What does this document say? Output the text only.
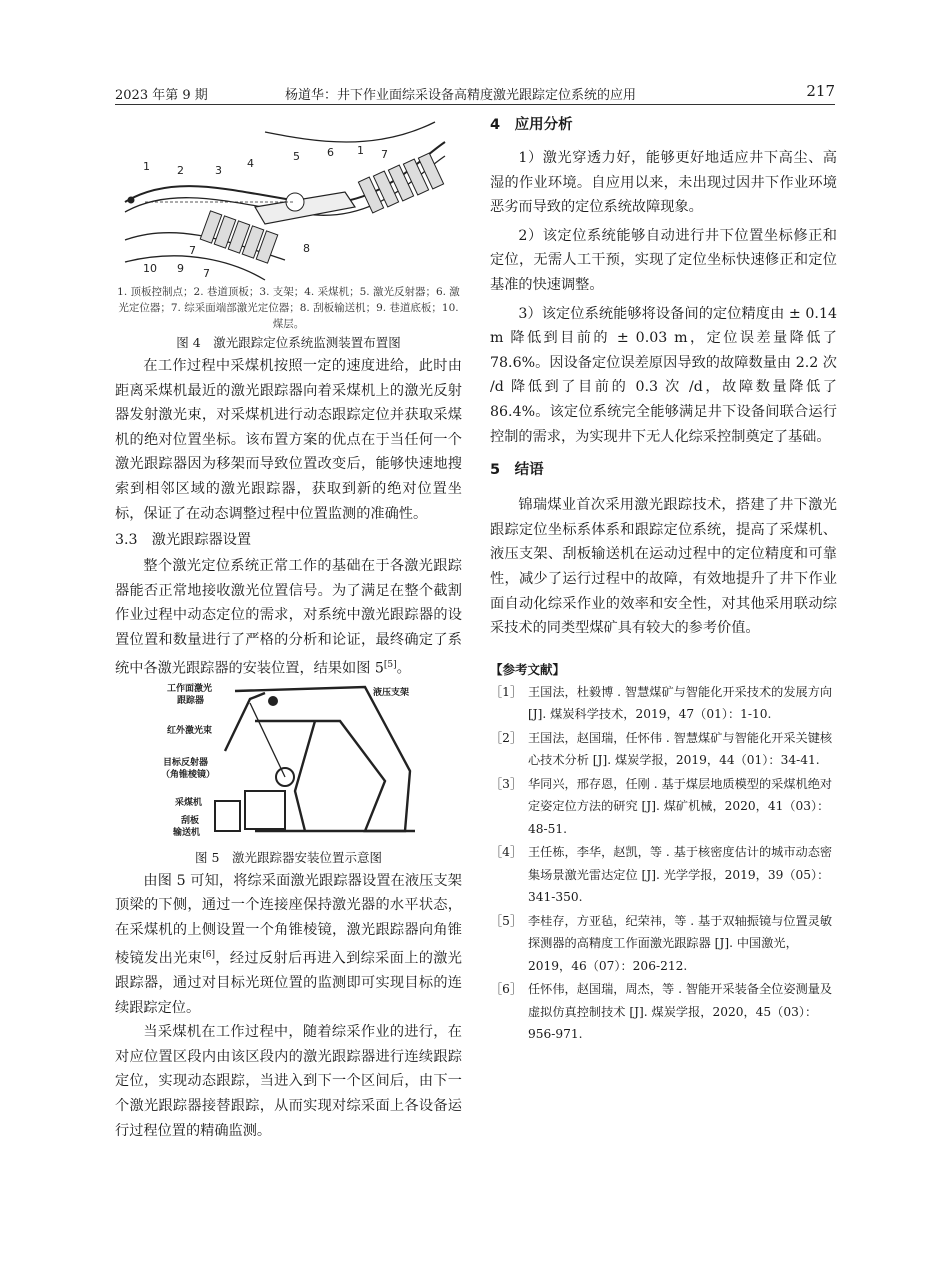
2023 年第 9 期	杨道华：井下作业面综采设备高精度激光跟踪定位系统的应用	217
1 2	3
4
5 6
7	8
9
10
1 7
7
1. 顶板控制点；2. 巷道顶板；3. 支架；4. 采煤机；5. 激光反射器；6. 激光定位器；7. 综采面端部激光定位器；8. 刮板输送机；9. 巷道底板；10. 煤层。
图 4　激光跟踪定位系统监测装置布置图

在工作过程中采煤机按照一定的速度进给，此时由距离采煤机最近的激光跟踪器向着采煤机上的激光反射器发射激光束，对采煤机进行动态跟踪定位并获取采煤机的绝对位置坐标。该布置方案的优点在于当任何一个激光跟踪器因为移架而导致位置改变后，能够快速地搜索到相邻区域的激光跟踪器，获取到新的绝对位置坐标，保证了在动态调整过程中位置监测的准确性。

3.3　激光跟踪器设置

整个激光定位系统正常工作的基础在于各激光跟踪器能否正常地接收激光位置信号。为了满足在整个截割作业过程中动态定位的需求，对系统中激光跟踪器的设置位置和数量进行了严格的分析和论证，最终确定了系统中各激光跟踪器的安装位置，结果如图 5[5]。

工作面激光
跟踪器
红外激光束
目标反射器
（角锥棱镜）
采煤机
刮板
输送机
液压支架
图 5　激光跟踪器安装位置示意图

由图 5 可知，将综采面激光跟踪器设置在液压支架顶梁的下侧，通过一个连接座保持激光器的水平状态，在采煤机的上侧设置一个角锥棱镜，激光跟踪器向角锥棱镜发出光束[6]，经过反射后再进入到综采面上的激光跟踪器，通过对目标光斑位置的监测即可实现目标的连续跟踪定位。

当采煤机在工作过程中，随着综采作业的进行，在对应位置区段内由该区段内的激光跟踪器进行连续跟踪定位，实现动态跟踪，当进入到下一个区间后，由下一个激光跟踪器接替跟踪，从而实现对综采面上各设备运行过程位置的精确监测。

4　应用分析

1）激光穿透力好，能够更好地适应井下高尘、高湿的作业环境。自应用以来，未出现过因井下作业环境恶劣而导致的定位系统故障现象。

2）该定位系统能够自动进行井下位置坐标修正和定位，无需人工干预，实现了定位坐标快速修正和定位基准的快速调整。

3）该定位系统能够将设备间的定位精度由 ± 0.14 m 降低到目前的 ± 0.03 m，定位误差量降低了 78.6%。因设备定位误差原因导致的故障数量由 2.2 次 /d 降低到了目前的 0.3 次 /d，故障数量降低了 86.4%。该定位系统完全能够满足井下设备间联合运行控制的需求，为实现井下无人化综采控制奠定了基础。

5　结语

锦瑞煤业首次采用激光跟踪技术，搭建了井下激光跟踪定位坐标系体系和跟踪定位系统，提高了采煤机、液压支架、刮板输送机在运动过程中的定位精度和可靠性，减少了运行过程中的故障，有效地提升了井下作业面自动化综采作业的效率和安全性，对其他采用联动综采技术的同类型煤矿具有较大的参考价值。

【参考文献】
［1］ 王国法，杜毅博 . 智慧煤矿与智能化开采技术的发展方向 [J]. 煤炭科学技术，2019，47（01）：1-10.
［2］ 王国法，赵国瑞，任怀伟 . 智慧煤矿与智能化开采关键核心技术分析 [J]. 煤炭学报，2019，44（01）：34-41.
［3］ 华同兴，邢存恩，任刚 . 基于煤层地质模型的采煤机绝对定姿定位方法的研究 [J]. 煤矿机械，2020，41（03）：48-51.
［4］ 王任栋，李华，赵凯，等 . 基于核密度估计的城市动态密集场景激光雷达定位 [J]. 光学学报，2019，39（05）：341-350.
［5］ 李桂存，方亚毡，纪荣祎，等 . 基于双轴振镜与位置灵敏探测器的高精度工作面激光跟踪器 [J]. 中国激光，2019，46（07）：206-212.
［6］ 任怀伟，赵国瑞，周杰，等 . 智能开采装备全位姿测量及虚拟仿真控制技术 [J]. 煤炭学报，2020，45（03）：956-971.
